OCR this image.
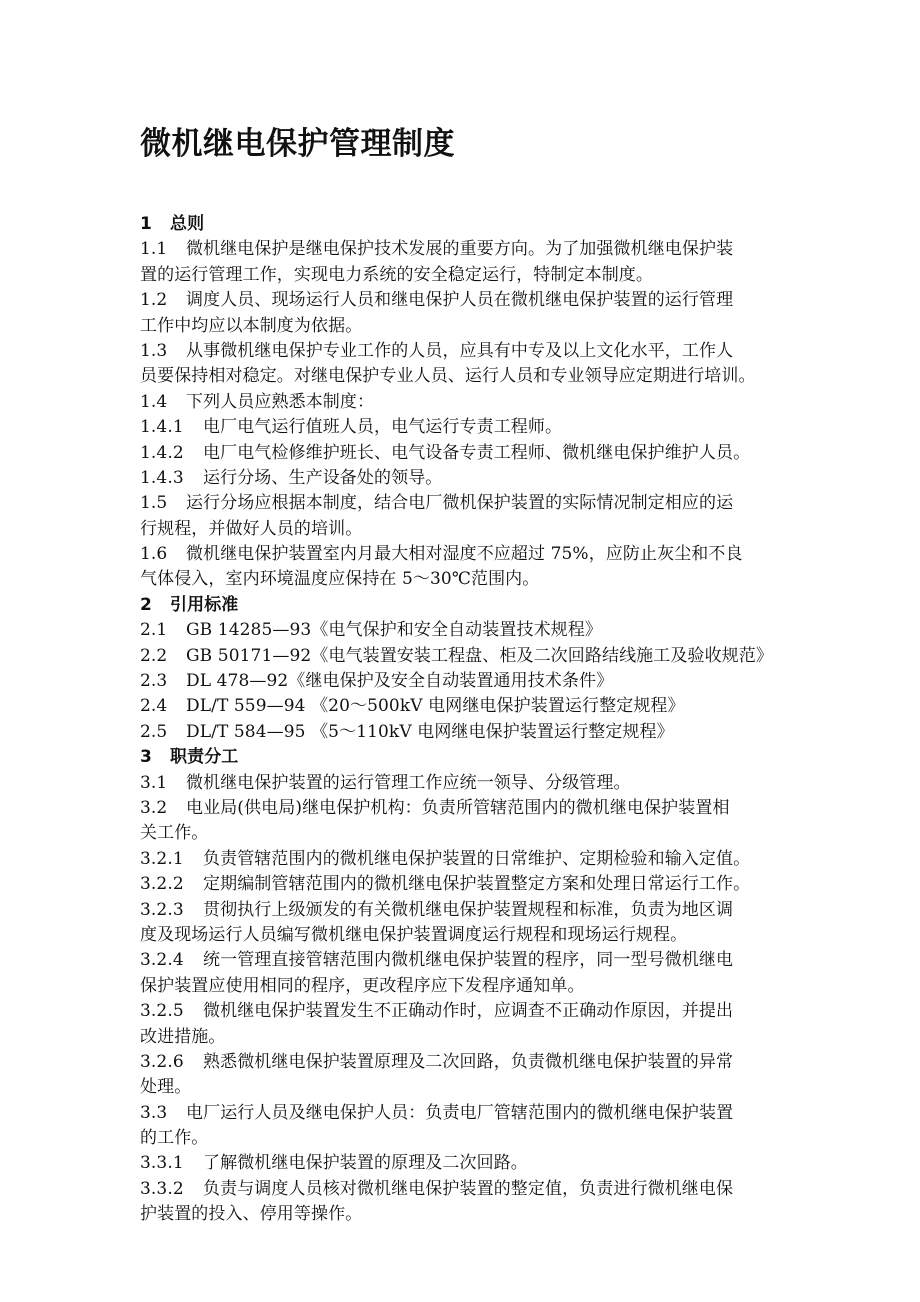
微机继电保护管理制度
1 总则
1.1 微机继电保护是继电保护技术发展的重要方向。为了加强微机继电保护装
置的运行管理工作，实现电力系统的安全稳定运行，特制定本制度。
1.2 调度人员、现场运行人员和继电保护人员在微机继电保护装置的运行管理
工作中均应以本制度为依据。
1.3 从事微机继电保护专业工作的人员，应具有中专及以上文化水平，工作人
员要保持相对稳定。对继电保护专业人员、运行人员和专业领导应定期进行培训。
1.4 下列人员应熟悉本制度：
1.4.1 电厂电气运行值班人员，电气运行专责工程师。
1.4.2 电厂电气检修维护班长、电气设备专责工程师、微机继电保护维护人员。
1.4.3 运行分场、生产设备处的领导。
1.5 运行分场应根据本制度，结合电厂微机保护装置的实际情况制定相应的运
行规程，并做好人员的培训。
1.6 微机继电保护装置室内月最大相对湿度不应超过 75%，应防止灰尘和不良
气体侵入，室内环境温度应保持在 5～30℃范围内。
2 引用标准
2.1 GB 14285—93《电气保护和安全自动装置技术规程》
2.2 GB 50171—92《电气装置安装工程盘、柜及二次回路结线施工及验收规范》
2.3 DL 478—92《继电保护及安全自动装置通用技术条件》
2.4 DL/T 559—94 《20～500kV 电网继电保护装置运行整定规程》
2.5 DL/T 584—95 《5～110kV 电网继电保护装置运行整定规程》
3 职责分工
3.1 微机继电保护装置的运行管理工作应统一领导、分级管理。
3.2 电业局(供电局)继电保护机构：负责所管辖范围内的微机继电保护装置相
关工作。
3.2.1 负责管辖范围内的微机继电保护装置的日常维护、定期检验和输入定值。
3.2.2 定期编制管辖范围内的微机继电保护装置整定方案和处理日常运行工作。
3.2.3 贯彻执行上级颁发的有关微机继电保护装置规程和标准，负责为地区调
度及现场运行人员编写微机继电保护装置调度运行规程和现场运行规程。
3.2.4 统一管理直接管辖范围内微机继电保护装置的程序，同一型号微机继电
保护装置应使用相同的程序，更改程序应下发程序通知单。
3.2.5 微机继电保护装置发生不正确动作时，应调查不正确动作原因，并提出
改进措施。
3.2.6 熟悉微机继电保护装置原理及二次回路，负责微机继电保护装置的异常
处理。
3.3 电厂运行人员及继电保护人员：负责电厂管辖范围内的微机继电保护装置
的工作。
3.3.1 了解微机继电保护装置的原理及二次回路。
3.3.2 负责与调度人员核对微机继电保护装置的整定值，负责进行微机继电保
护装置的投入、停用等操作。
